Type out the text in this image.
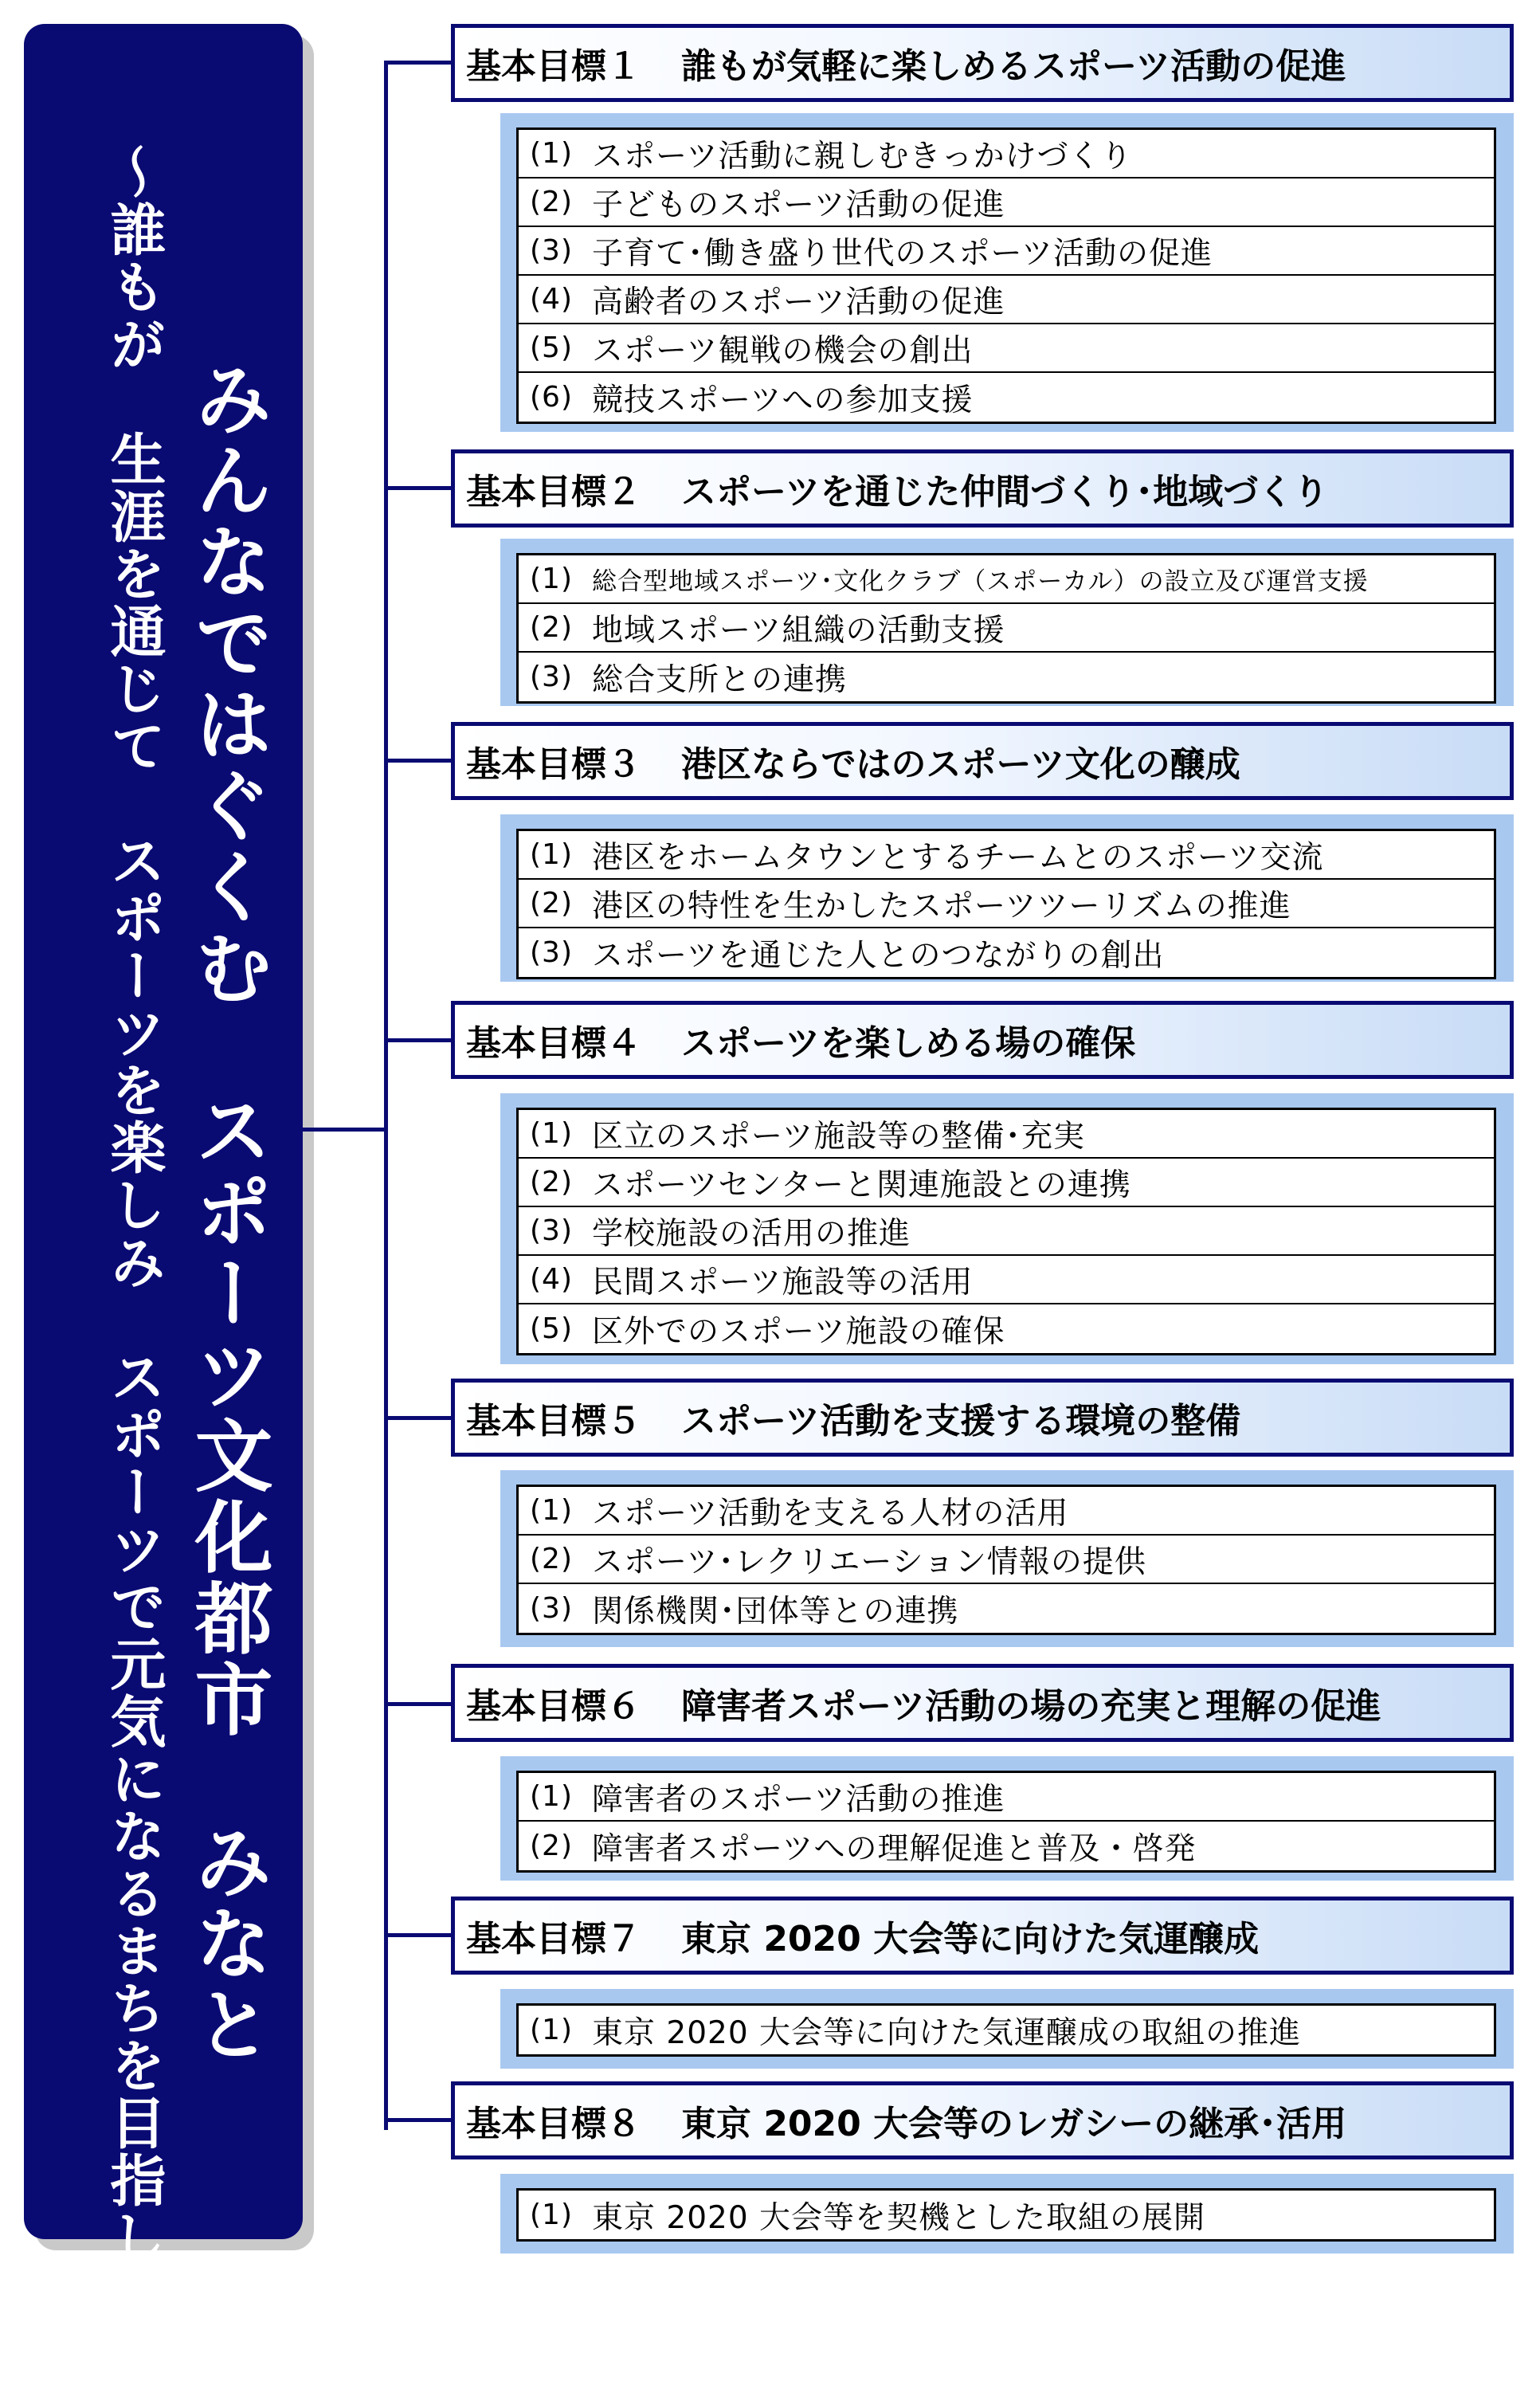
～誰もが　生涯を通じて　スポーツを楽しみ　スポーツで元気になるまちを目指して～ みんなではぐくむ　スポーツ文化都市　みなと
基本目標１	誰もが気軽に楽しめるスポーツ活動の促進
(1) スポーツ活動に親しむきっかけづくり
(2) 子どものスポーツ活動の促進
(3) 子育て･働き盛り世代のスポーツ活動の促進
(4) 高齢者のスポーツ活動の促進
(5) スポーツ観戦の機会の創出
(6) 競技スポーツへの参加支援
基本目標２	スポーツを通じた仲間づくり･地域づくり
(1) 総合型地域スポーツ･文化クラブ（スポーカル）の設立及び運営支援
(2) 地域スポーツ組織の活動支援
(3) 総合支所との連携
基本目標３	港区ならではのスポーツ文化の醸成
(1) 港区をホームタウンとするチームとのスポーツ交流
(2) 港区の特性を生かしたスポーツツーリズムの推進
(3) スポーツを通じた人とのつながりの創出
基本目標４	スポーツを楽しめる場の確保
(1) 区立のスポーツ施設等の整備･充実
(2) スポーツセンターと関連施設との連携
(3) 学校施設の活用の推進
(4) 民間スポーツ施設等の活用
(5) 区外でのスポーツ施設の確保
基本目標５	スポーツ活動を支援する環境の整備
(1) スポーツ活動を支える人材の活用
(2) スポーツ･レクリエーション情報の提供
(3) 関係機関･団体等との連携
基本目標６	障害者スポーツ活動の場の充実と理解の促進
(1) 障害者のスポーツ活動の推進
(2) 障害者スポーツへの理解促進と普及・啓発
基本目標７	東京 2020 大会等に向けた気運醸成
(1) 東京 2020 大会等に向けた気運醸成の取組の推進
基本目標８	東京 2020 大会等のレガシーの継承･活用
(1) 東京 2020 大会等を契機とした取組の展開
